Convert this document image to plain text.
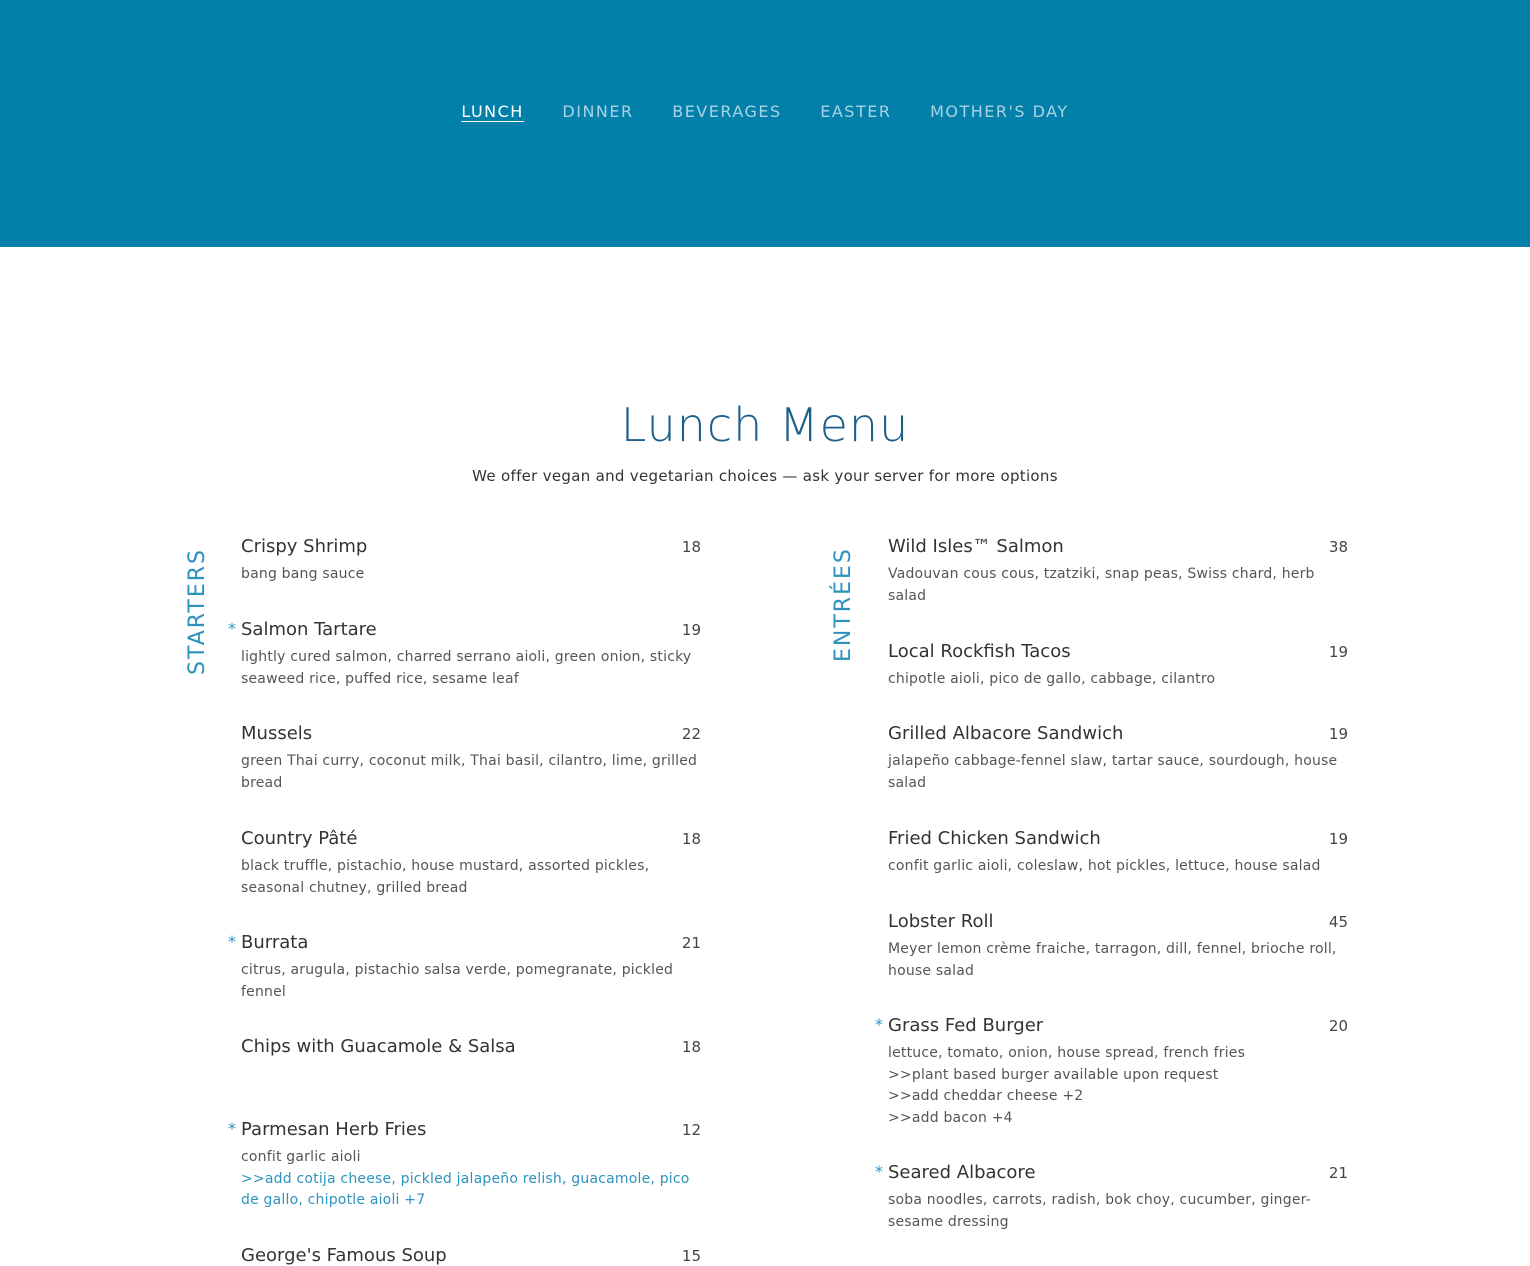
LUNCH DINNER BEVERAGES EASTER MOTHER'S DAY
Lunch Menu

We offer vegan and vegetarian choices — ask your server for more options

STARTERS	ENTRÉES
Crispy Shrimp	18
bang bang sauce
* Salmon Tartare	19
lightly cured salmon, charred serrano aioli, green onion, sticky seaweed rice, puffed rice, sesame leaf
Mussels	22
green Thai curry, coconut milk, Thai basil, cilantro, lime, grilled bread
Country Pâté	18
black truffle, pistachio, house mustard, assorted pickles, seasonal chutney, grilled bread
* Burrata	21
citrus, arugula, pistachio salsa verde, pomegranate, pickled fennel
Chips with Guacamole & Salsa	18
* Parmesan Herb Fries	12
confit garlic aioli
>>add cotija cheese, pickled jalapeño relish, guacamole, pico de gallo, chipotle aioli +7
George's Famous Soup	15
Wild Isles™ Salmon	38
Vadouvan cous cous, tzatziki, snap peas, Swiss chard, herb salad
Local Rockfish Tacos	19
chipotle aioli, pico de gallo, cabbage, cilantro
Grilled Albacore Sandwich	19
jalapeño cabbage-fennel slaw, tartar sauce, sourdough, house salad
Fried Chicken Sandwich	19
confit garlic aioli, coleslaw, hot pickles, lettuce, house salad
Lobster Roll	45
Meyer lemon crème fraiche, tarragon, dill, fennel, brioche roll, house salad
* Grass Fed Burger	20
lettuce, tomato, onion, house spread, french fries
>>plant based burger available upon request
>>add cheddar cheese +2
>>add bacon +4
* Seared Albacore	21
soba noodles, carrots, radish, bok choy, cucumber, ginger-sesame dressing
